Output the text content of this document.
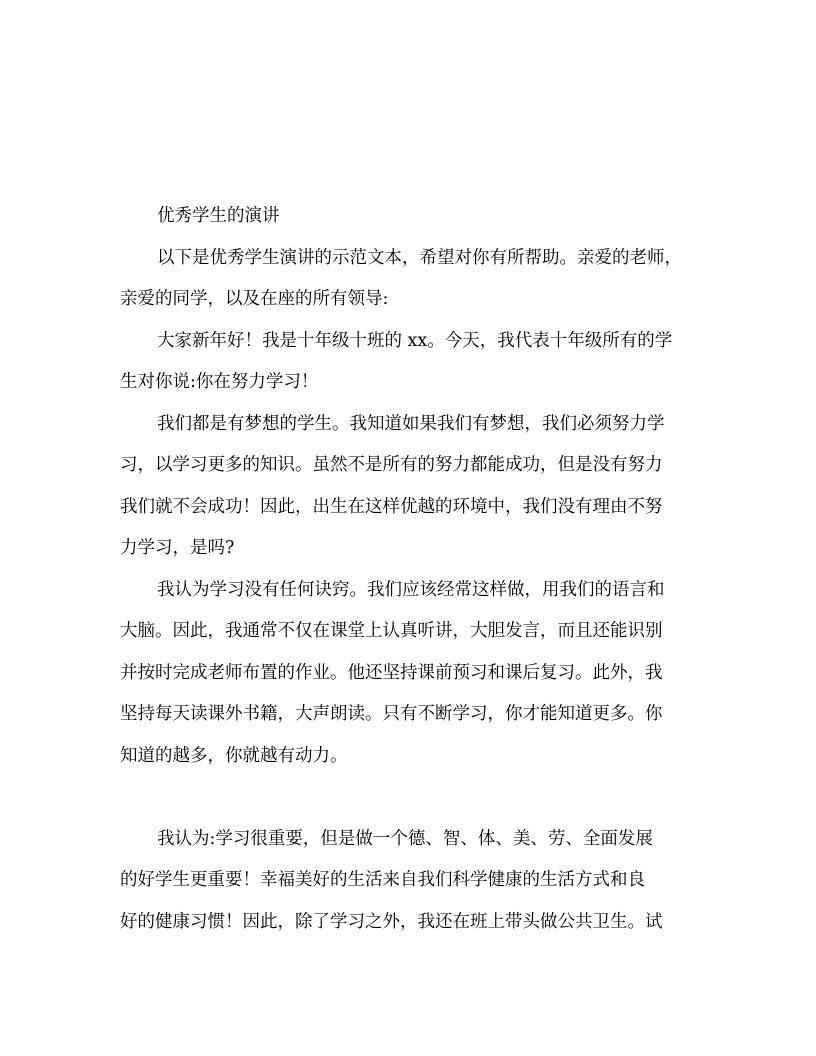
优秀学生的演讲
以下是优秀学生演讲的示范文本，希望对你有所帮助。亲爱的老师，
亲爱的同学，以及在座的所有领导:
大家新年好！我是十年级十班的 xx。今天，我代表十年级所有的学
生对你说:你在努力学习！
我们都是有梦想的学生。我知道如果我们有梦想，我们必须努力学
习，以学习更多的知识。虽然不是所有的努力都能成功，但是没有努力
我们就不会成功！因此，出生在这样优越的环境中，我们没有理由不努
力学习，是吗?
我认为学习没有任何诀窍。我们应该经常这样做，用我们的语言和
大脑。因此，我通常不仅在课堂上认真听讲，大胆发言，而且还能识别
并按时完成老师布置的作业。他还坚持课前预习和课后复习。此外，我
坚持每天读课外书籍，大声朗读。只有不断学习，你才能知道更多。你
知道的越多，你就越有动力。
我认为:学习很重要，但是做一个德、智、体、美、劳、全面发展
的好学生更重要！幸福美好的生活来自我们科学健康的生活方式和良
好的健康习惯！因此，除了学习之外，我还在班上带头做公共卫生。试
